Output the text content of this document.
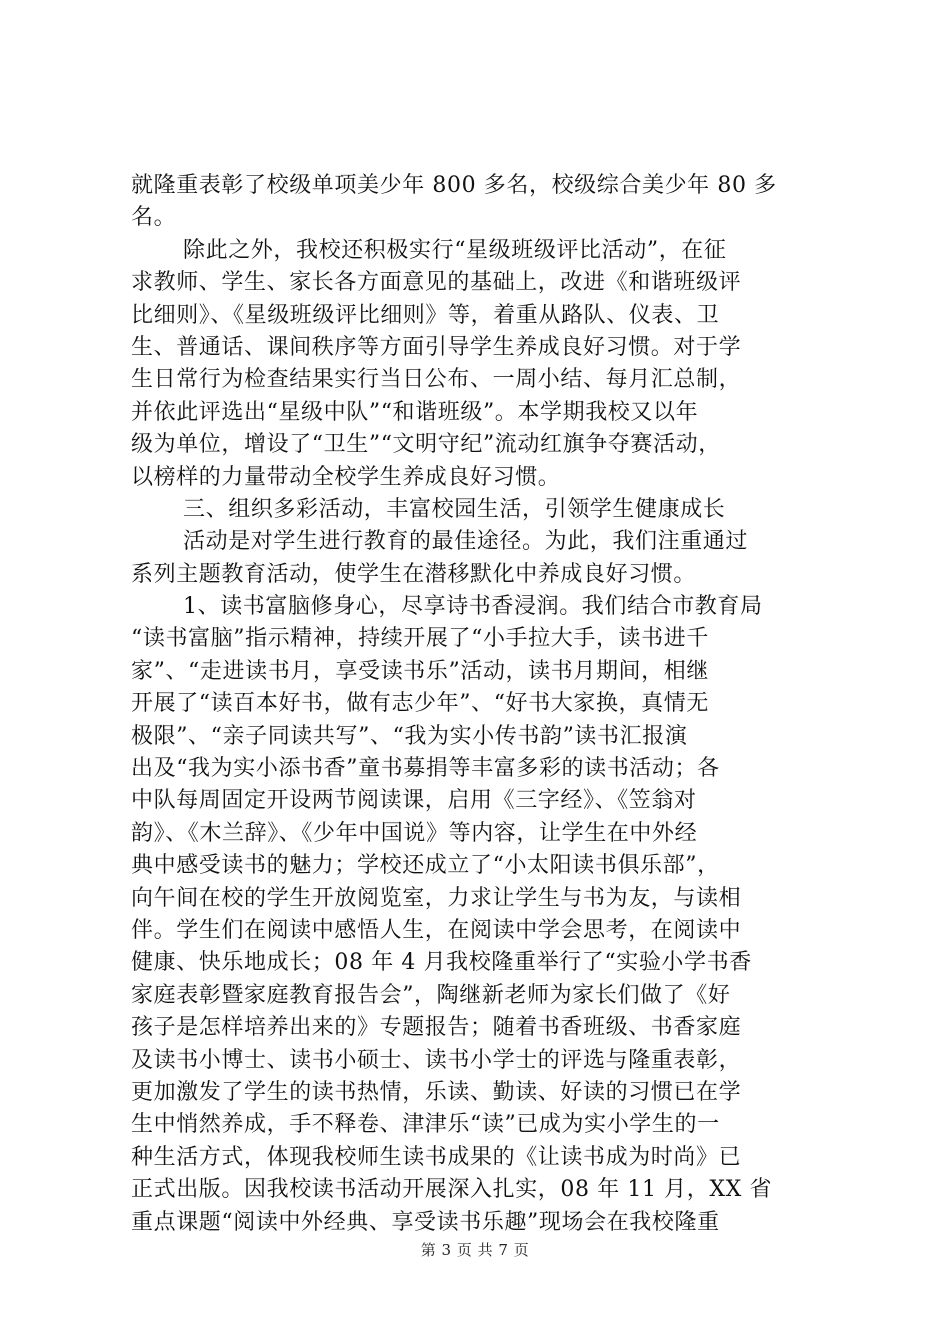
就隆重表彰了校级单项美少年 800 多名，校级综合美少年 80 多
名。
除此之外，我校还积极实行“星级班级评比活动”，在征
求教师、学生、家长各方面意见的基础上，改进《和谐班级评
比细则》、《星级班级评比细则》等，着重从路队、仪表、卫
生、普通话、课间秩序等方面引导学生养成良好习惯。对于学
生日常行为检查结果实行当日公布、一周小结、每月汇总制，
并依此评选出“星级中队”“和谐班级”。本学期我校又以年
级为单位，增设了“卫生”“文明守纪”流动红旗争夺赛活动，
以榜样的力量带动全校学生养成良好习惯。
三、组织多彩活动，丰富校园生活，引领学生健康成长
活动是对学生进行教育的最佳途径。为此，我们注重通过
系列主题教育活动，使学生在潜移默化中养成良好习惯。
1、读书富脑修身心，尽享诗书香浸润。我们结合市教育局
“读书富脑”指示精神，持续开展了“小手拉大手，读书进千
家”、“走进读书月，享受读书乐”活动，读书月期间，相继
开展了“读百本好书，做有志少年”、“好书大家换，真情无
极限”、“亲子同读共写”、“我为实小传书韵”读书汇报演
出及“我为实小添书香”童书募捐等丰富多彩的读书活动；各
中队每周固定开设两节阅读课，启用《三字经》、《笠翁对
韵》、《木兰辞》、《少年中国说》等内容，让学生在中外经
典中感受读书的魅力；学校还成立了“小太阳读书俱乐部”，
向午间在校的学生开放阅览室，力求让学生与书为友，与读相
伴。学生们在阅读中感悟人生，在阅读中学会思考，在阅读中
健康、快乐地成长；08 年 4 月我校隆重举行了“实验小学书香
家庭表彰暨家庭教育报告会”，陶继新老师为家长们做了《好
孩子是怎样培养出来的》专题报告；随着书香班级、书香家庭
及读书小博士、读书小硕士、读书小学士的评选与隆重表彰，
更加激发了学生的读书热情，乐读、勤读、好读的习惯已在学
生中悄然养成，手不释卷、津津乐“读”已成为实小学生的一
种生活方式，体现我校师生读书成果的《让读书成为时尚》已
正式出版。因我校读书活动开展深入扎实，08 年 11 月，XX 省
重点课题“阅读中外经典、享受读书乐趣”现场会在我校隆重
第 3 页 共 7 页
